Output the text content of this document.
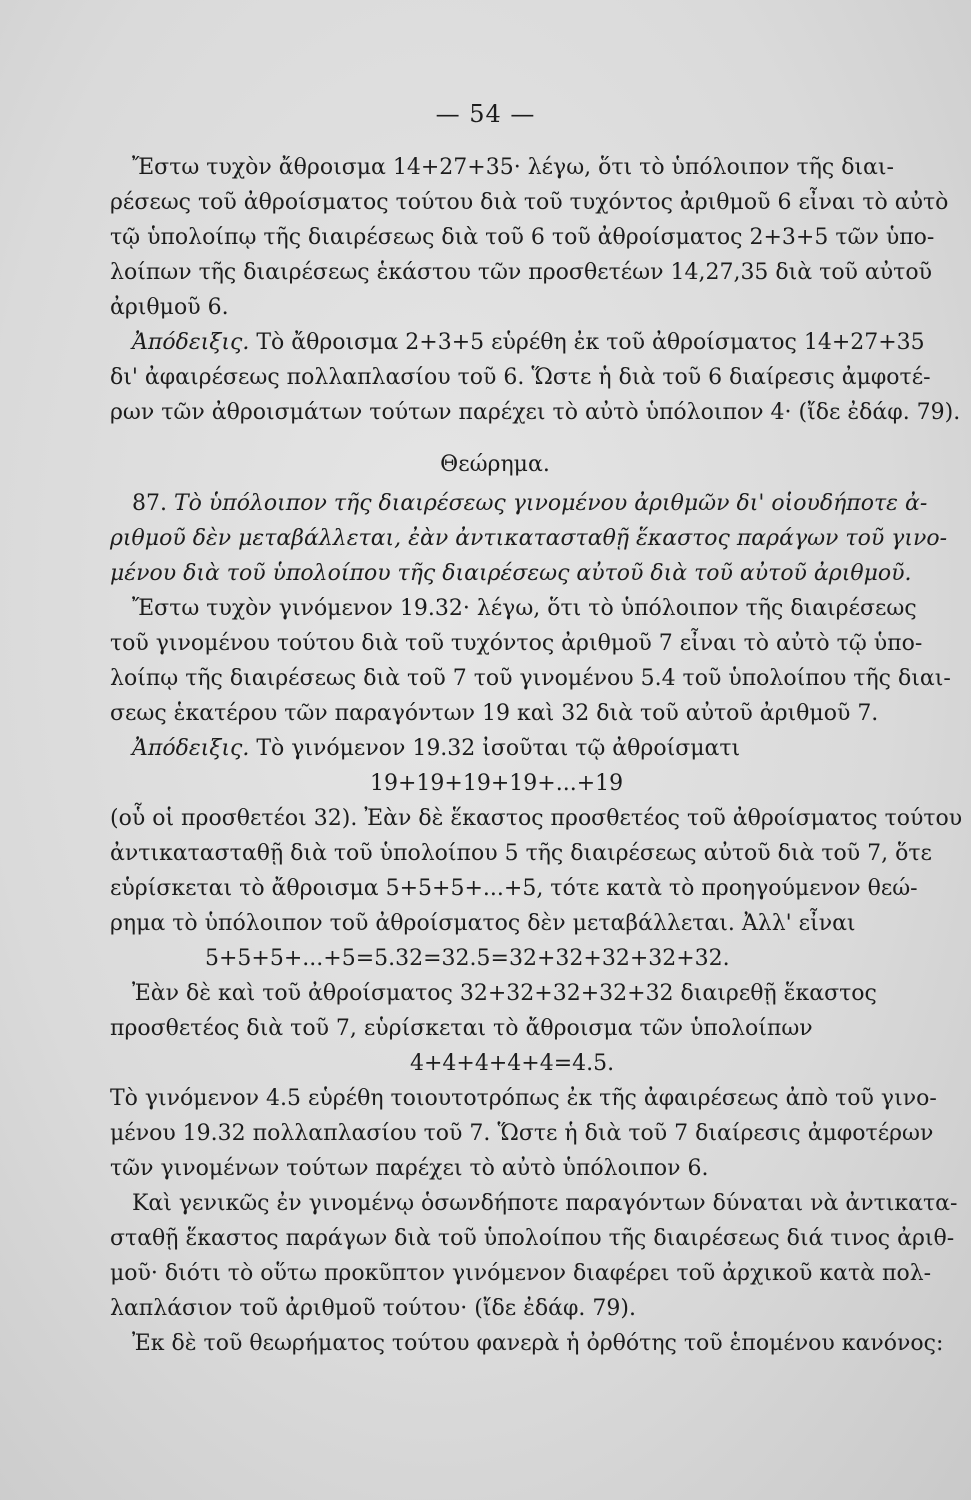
— 54 —
Ἔστω τυχὸν ἄθροισμα 14+27+35· λέγω, ὅτι τὸ ὑπόλοιπον τῆς διαι-
ρέσεως τοῦ ἀθροίσματος τούτου διὰ τοῦ τυχόντος ἀριθμοῦ 6 εἶναι τὸ αὐτὸ
τῷ ὑπολοίπῳ τῆς διαιρέσεως διὰ τοῦ 6 τοῦ ἀθροίσματος 2+3+5 τῶν ὑπο-
λοίπων τῆς διαιρέσεως ἑκάστου τῶν προσθετέων 14,27,35 διὰ τοῦ αὐτοῦ
ἀριθμοῦ 6.
Ἀπόδειξις. Τὸ ἄθροισμα 2+3+5 εὑρέθη ἐκ τοῦ ἀθροίσματος 14+27+35
δι' ἀφαιρέσεως πολλαπλασίου τοῦ 6. Ὥστε ἡ διὰ τοῦ 6 διαίρεσις ἀμφοτέ-
ρων τῶν ἀθροισμάτων τούτων παρέχει τὸ αὐτὸ ὑπόλοιπον 4· (ἴδε ἐδάφ. 79).
Θεώρημα.
87. Τὸ ὑπόλοιπον τῆς διαιρέσεως γινομένου ἀριθμῶν δι' οἱουδήποτε ἀ-
ριθμοῦ δὲν μεταβάλλεται, ἐὰν ἀντικατασταθῇ ἕκαστος παράγων τοῦ γινο-
μένου διὰ τοῦ ὑπολοίπου τῆς διαιρέσεως αὐτοῦ διὰ τοῦ αὐτοῦ ἀριθμοῦ.
Ἔστω τυχὸν γινόμενον 19.32· λέγω, ὅτι τὸ ὑπόλοιπον τῆς διαιρέσεως
τοῦ γινομένου τούτου διὰ τοῦ τυχόντος ἀριθμοῦ 7 εἶναι τὸ αὐτὸ τῷ ὑπο-
λοίπῳ τῆς διαιρέσεως διὰ τοῦ 7 τοῦ γινομένου 5.4 τοῦ ὑπολοίπου τῆς διαι-
σεως ἑκατέρου τῶν παραγόντων 19 καὶ 32 διὰ τοῦ αὐτοῦ ἀριθμοῦ 7.
Ἀπόδειξις. Τὸ γινόμενον 19.32 ἰσοῦται τῷ ἀθροίσματι
19+19+19+19+...+19
(οὗ οἱ προσθετέοι 32). Ἐὰν δὲ ἕκαστος προσθετέος τοῦ ἀθροίσματος τούτου
ἀντικατασταθῇ διὰ τοῦ ὑπολοίπου 5 τῆς διαιρέσεως αὐτοῦ διὰ τοῦ 7, ὅτε
εὑρίσκεται τὸ ἄθροισμα 5+5+5+...+5, τότε κατὰ τὸ προηγούμενον θεώ-
ρημα τὸ ὑπόλοιπον τοῦ ἀθροίσματος δὲν μεταβάλλεται. Ἀλλ' εἶναι
5+5+5+...+5=5.32=32.5=32+32+32+32+32.
Ἐὰν δὲ καὶ τοῦ ἀθροίσματος 32+32+32+32+32 διαιρεθῇ ἕκαστος
προσθετέος διὰ τοῦ 7, εὑρίσκεται τὸ ἄθροισμα τῶν ὑπολοίπων
4+4+4+4+4=4.5.
Τὸ γινόμενον 4.5 εὑρέθη τοιουτοτρόπως ἐκ τῆς ἀφαιρέσεως ἀπὸ τοῦ γινο-
μένου 19.32 πολλαπλασίου τοῦ 7. Ὥστε ἡ διὰ τοῦ 7 διαίρεσις ἀμφοτέρων
τῶν γινομένων τούτων παρέχει τὸ αὐτὸ ὑπόλοιπον 6.
Καὶ γενικῶς ἐν γινομένῳ ὁσωνδήποτε παραγόντων δύναται νὰ ἀντικατα-
σταθῇ ἕκαστος παράγων διὰ τοῦ ὑπολοίπου τῆς διαιρέσεως διά τινος ἀριθ-
μοῦ· διότι τὸ οὕτω προκῦπτον γινόμενον διαφέρει τοῦ ἀρχικοῦ κατὰ πολ-
λαπλάσιον τοῦ ἀριθμοῦ τούτου· (ἴδε ἐδάφ. 79).
Ἐκ δὲ τοῦ θεωρήματος τούτου φανερὰ ἡ ὀρθότης τοῦ ἑπομένου κανόνος:
